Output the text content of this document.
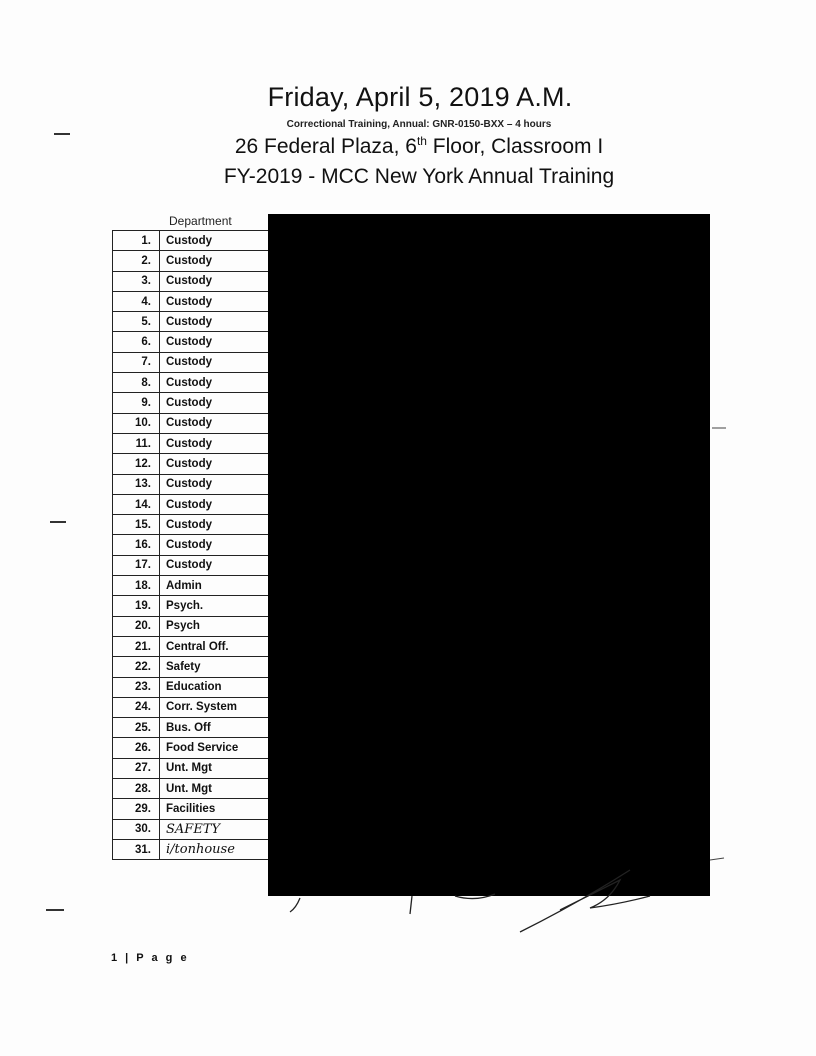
Friday, April 5, 2019 A.M.
Correctional Training, Annual: GNR-0150-BXX – 4 hours
26 Federal Plaza, 6th Floor, Classroom I
FY-2019 - MCC New York Annual Training
Department
1.	Custody	
2.	Custody	
3.	Custody	
4.	Custody	
5.	Custody	
6.	Custody	
7.	Custody	
8.	Custody	
9.	Custody	
10.	Custody	
11.	Custody	
12.	Custody	
13.	Custody	
14.	Custody	
15.	Custody	
16.	Custody	
17.	Custody	
18.	Admin	
19.	Psych.	
20.	Psych	
21.	Central Off.	
22.	Safety	
23.	Education	
24.	Corr. System	
25.	Bus. Off	
26.	Food Service	
27.	Unt. Mgt	
28.	Unt. Mgt	
29.	Facilities	
30.	SAFETY	
31.	i/tonhouse	
1 | P a g e
